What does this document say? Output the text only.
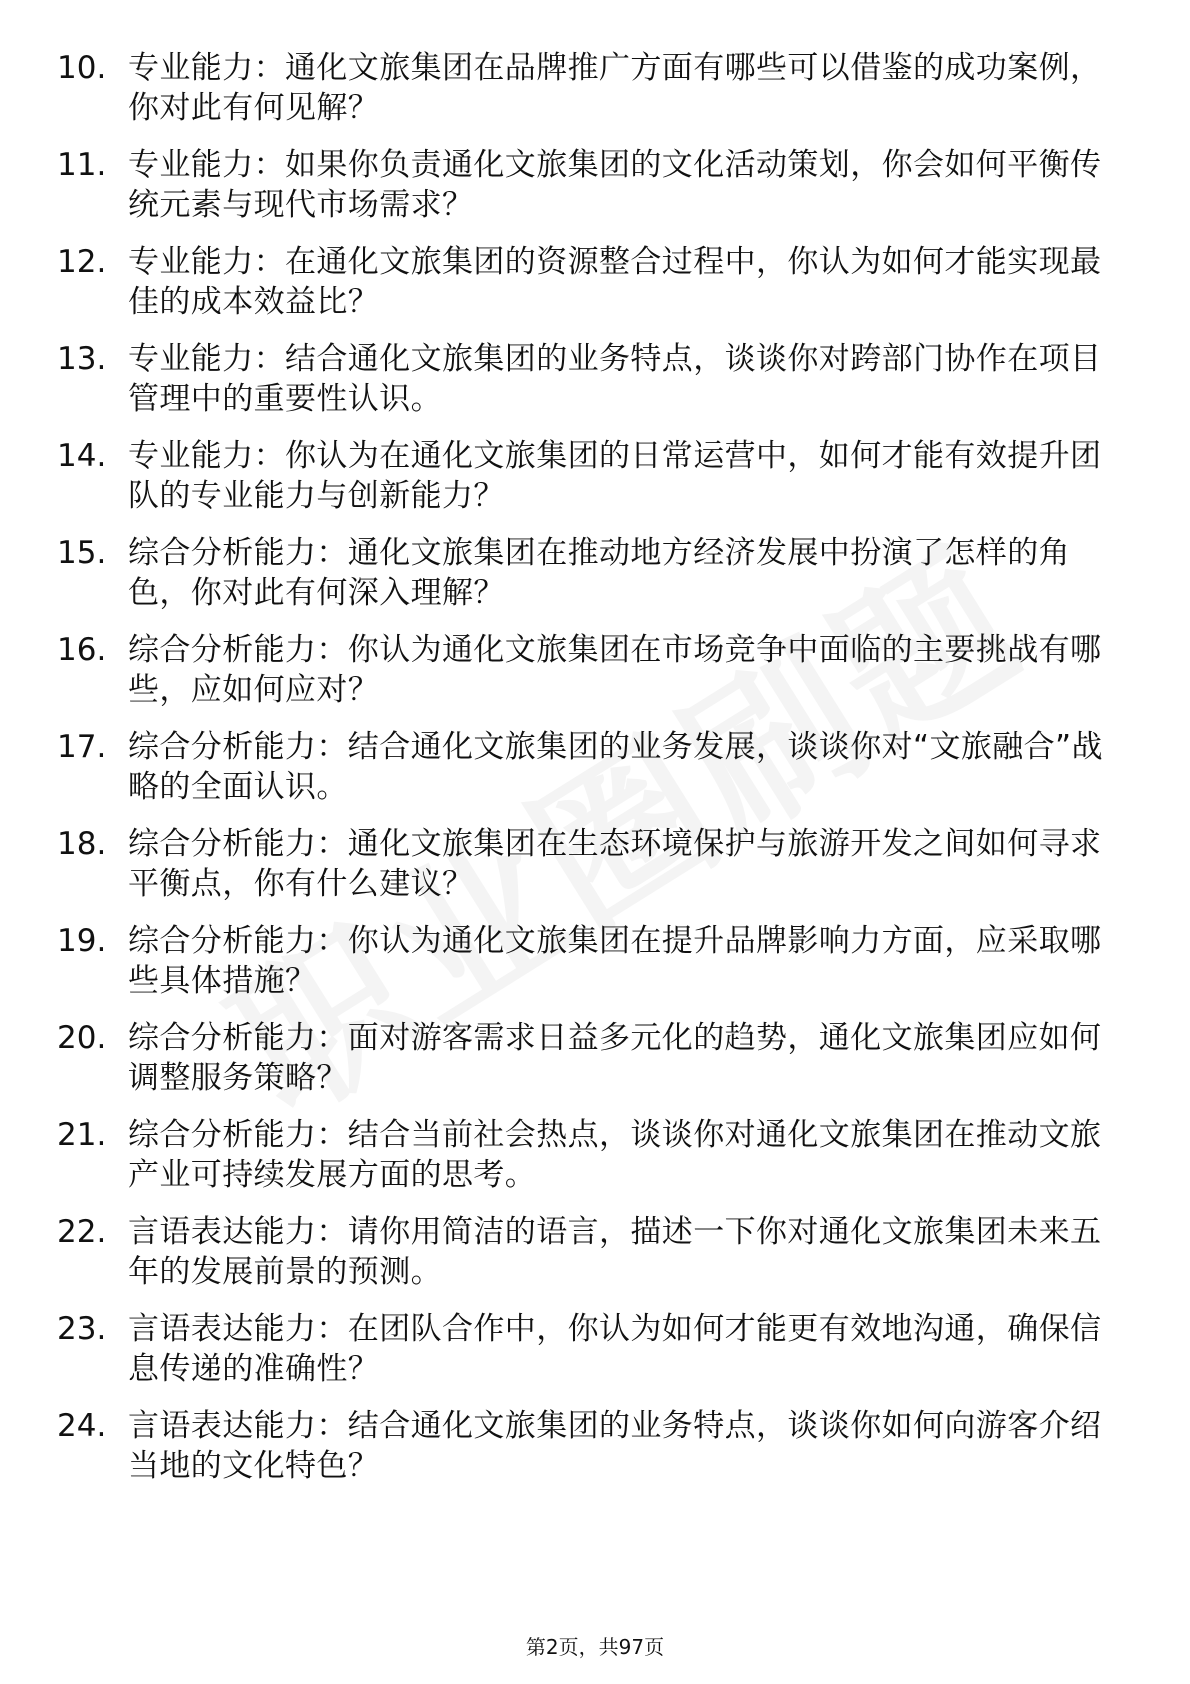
10. 专业能力：通化文旅集团在品牌推广方面有哪些可以借鉴的成功案例，你对此有何见解？
11. 专业能力：如果你负责通化文旅集团的文化活动策划，你会如何平衡传统元素与现代市场需求？
12. 专业能力：在通化文旅集团的资源整合过程中，你认为如何才能实现最佳的成本效益比？
13. 专业能力：结合通化文旅集团的业务特点，谈谈你对跨部门协作在项目管理中的重要性认识。
14. 专业能力：你认为在通化文旅集团的日常运营中，如何才能有效提升团队的专业能力与创新能力？
15. 综合分析能力：通化文旅集团在推动地方经济发展中扮演了怎样的角色，你对此有何深入理解？
16. 综合分析能力：你认为通化文旅集团在市场竞争中面临的主要挑战有哪些，应如何应对？
17. 综合分析能力：结合通化文旅集团的业务发展，谈谈你对“文旅融合”战略的全面认识。
18. 综合分析能力：通化文旅集团在生态环境保护与旅游开发之间如何寻求平衡点，你有什么建议？
19. 综合分析能力：你认为通化文旅集团在提升品牌影响力方面，应采取哪些具体措施？
20. 综合分析能力：面对游客需求日益多元化的趋势，通化文旅集团应如何调整服务策略？
21. 综合分析能力：结合当前社会热点，谈谈你对通化文旅集团在推动文旅产业可持续发展方面的思考。
22. 言语表达能力：请你用简洁的语言，描述一下你对通化文旅集团未来五年的发展前景的预测。
23. 言语表达能力：在团队合作中，你认为如何才能更有效地沟通，确保信息传递的准确性？
24. 言语表达能力：结合通化文旅集团的业务特点，谈谈你如何向游客介绍当地的文化特色？
第2页，共97页
